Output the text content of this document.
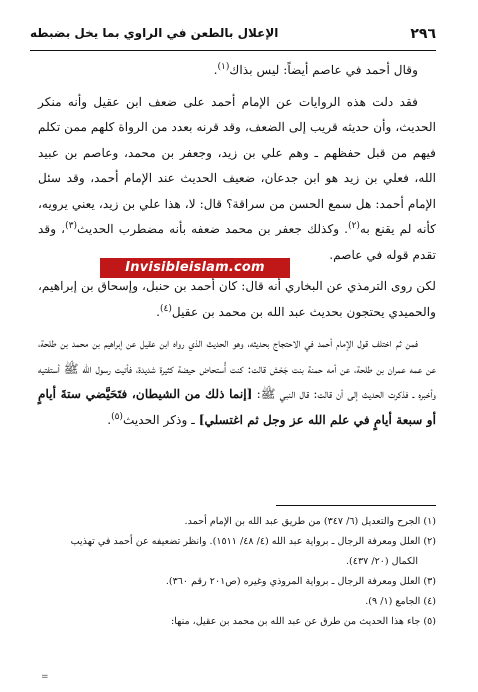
٢٩٦
الإعلال بالطعن في الراوي بما يخل بضبطه

وقال أحمد في عاصم أيضاً: ليس بذاك$^{(١)}$.

فقد دلت هذه الروايات عن الإمام أحمد على ضعف ابن عقيل وأنه منكر الحديث، وأن حديثه قريب إلى الضعف، وقد قرنه بعدد من الرواة كلهم ممن تكلم فيهم من قبل حفظهم ـ وهم علي بن زيد، وجعفر بن محمد، وعاصم بن عبيد الله، فعلي بن زيد هو ابن جدعان، ضعيف الحديث عند الإمام أحمد، وقد سئل الإمام أحمد: هل سمع الحسن من سراقة؟ قال: لا، هذا علي بن زيد، يعني يرويه، كأنه لم يقنع به$^{(٢)}$. وكذلك جعفر بن محمد ضعفه بأنه مضطرب الحديث$^{(٣)}$، وقد تقدم قوله في عاصم.

لكن روى الترمذي عن البخاري أنه قال: كان أحمد بن حنبل، وإسحاق بن إبراهيم، والحميدي يحتجون بحديث عبد الله بن محمد بن عقيل$^{(٤)}$.

فمن ثم اختلف قول الإمام أحمد في الاحتجاج بحديثه، وهو الحديث الذي رواه ابن عقيل عن إبراهيم بن محمد بن طلحة، عن عمه عمران بن طلحة، عن أمه حمنة بنت جَحْش قالت: كنت أُستحاض حيضة كثيرة شديدة، فأتيت رسول الله ﷺ أستفتيه وأخبره ـ فذكرت الحديث إلى أن قالت: قال النبي ﷺ: [إنما ذلك من الشيطان، فتَحَيَّضي ستةَ أيامٍ أو سبعة أيامٍ في علم الله عز وجل ثم اغتسلي] ـ وذكر الحديث$^{(٥)}$.

Invisibleislam.com

(١)الجرح والتعديل (٦/ ٣٤٧) من طريق عبد الله بن الإمام أحمد.

(٢)العلل ومعرفة الرجال ـ برواية عبد الله (٤/ ٤٨/ ١٥١١). وانظر تضعيفه عن أحمد في تهذيب
الكمال (٢٠/ ٤٣٧).

(٣)العلل ومعرفة الرجال ـ برواية المروذي وغيره (ص٢٠١ رقم ٣٦٠).

(٤)الجامع (١/ ٩).

(٥)جاء هذا الحديث من طرق عن عبد الله بن محمد بن عقيل، منها:

=
